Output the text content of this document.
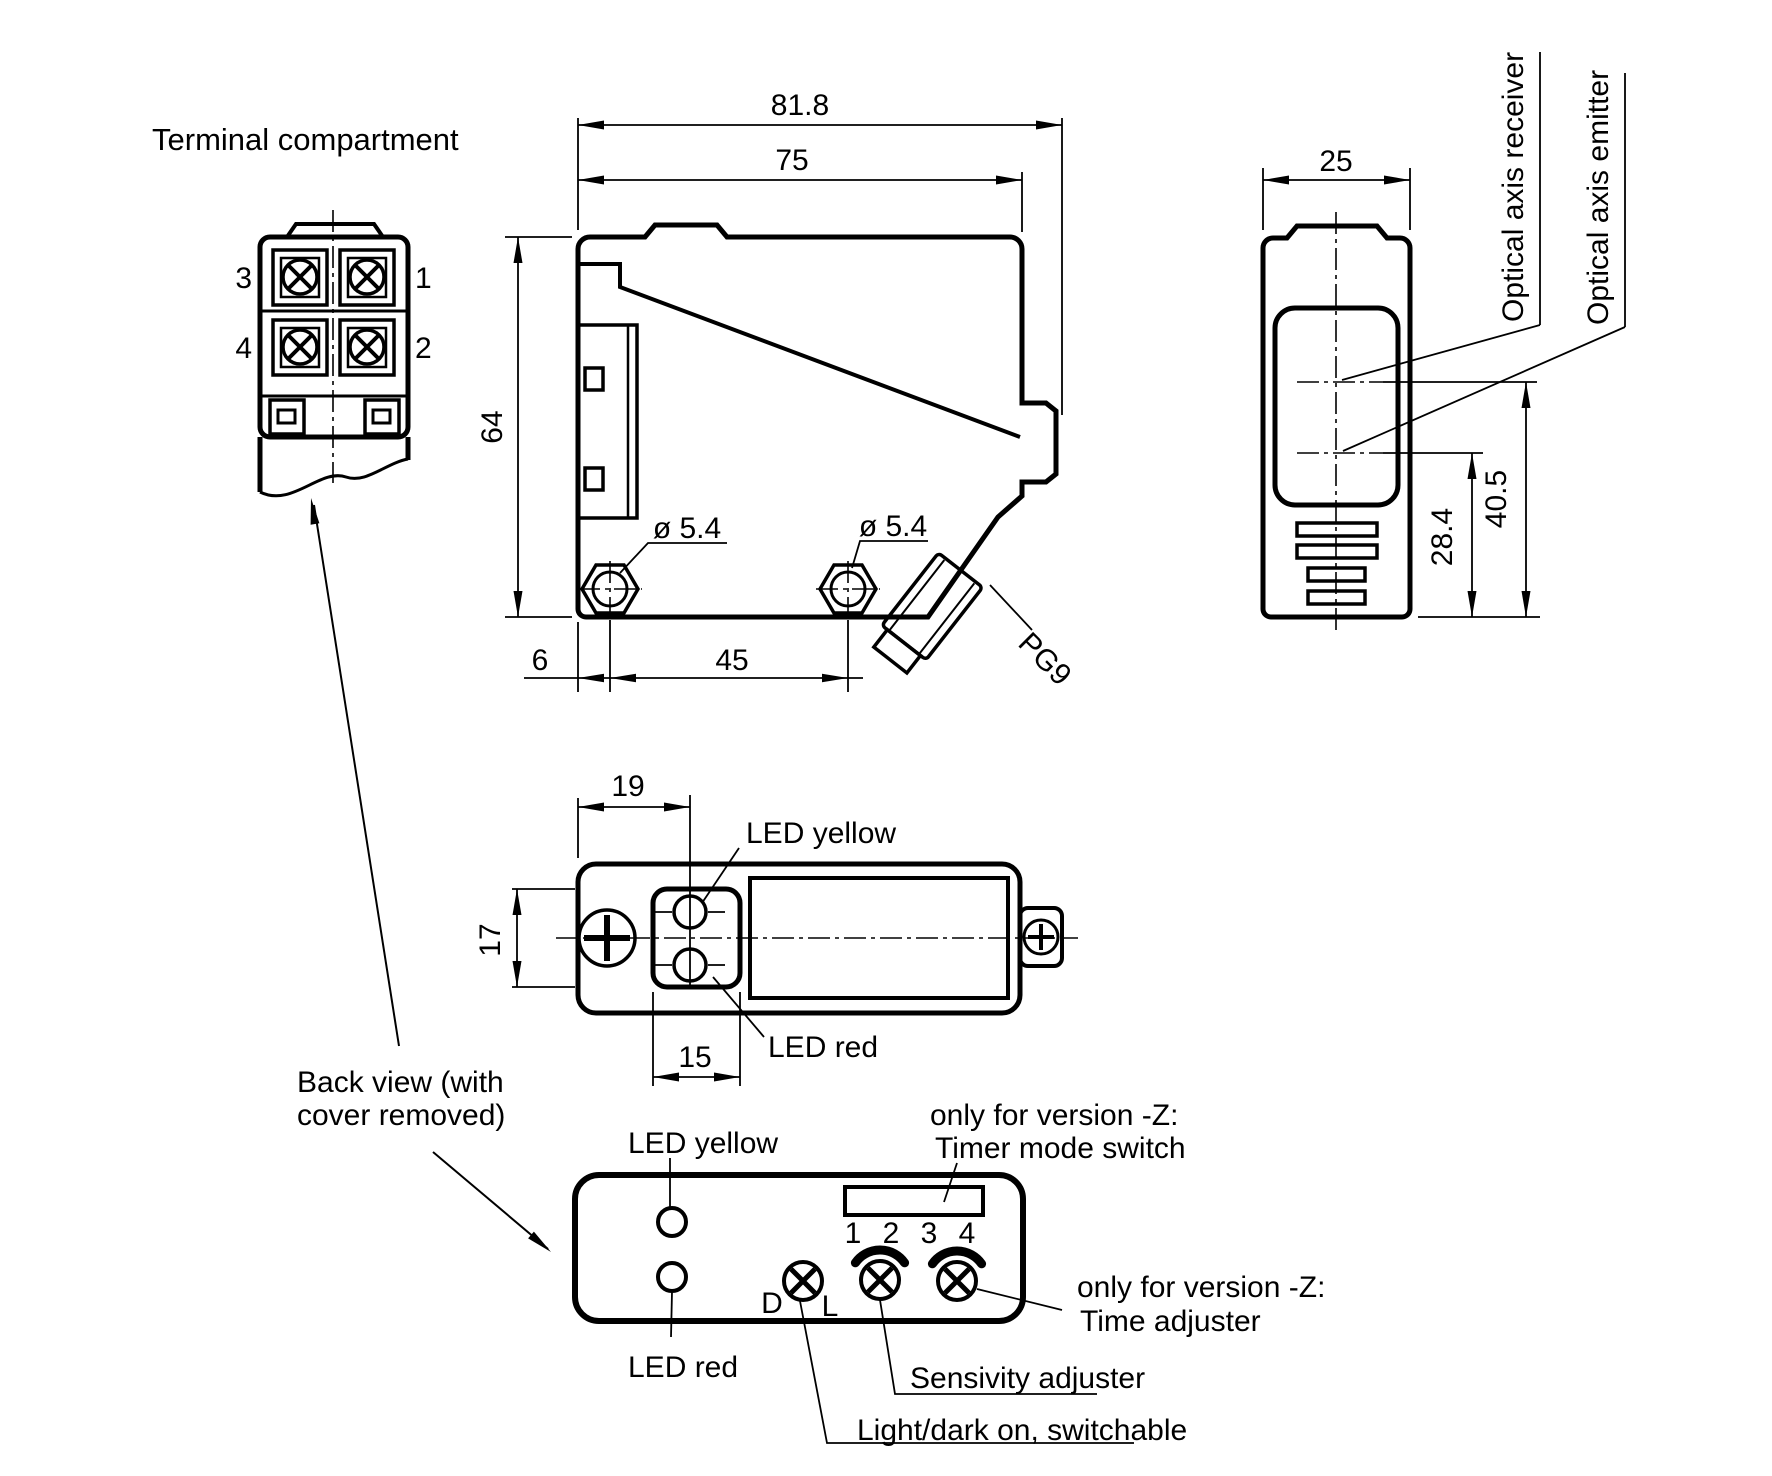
Terminal compartment
3	1
4	2
ø 5.4	ø 5.4
PG9
81.8
75
64
6	45
Optical axis receiver Optical axis emitter
25
28.4
40.5
19
17
15
LED yellow
LED red
Back view (with
cover removed)
1 2 3 4
only for version -Z:
Timer mode switch
LED yellow
LED red
D L
Light/dark on, switchable
Sensivity adjuster
only for version -Z:
Time adjuster
